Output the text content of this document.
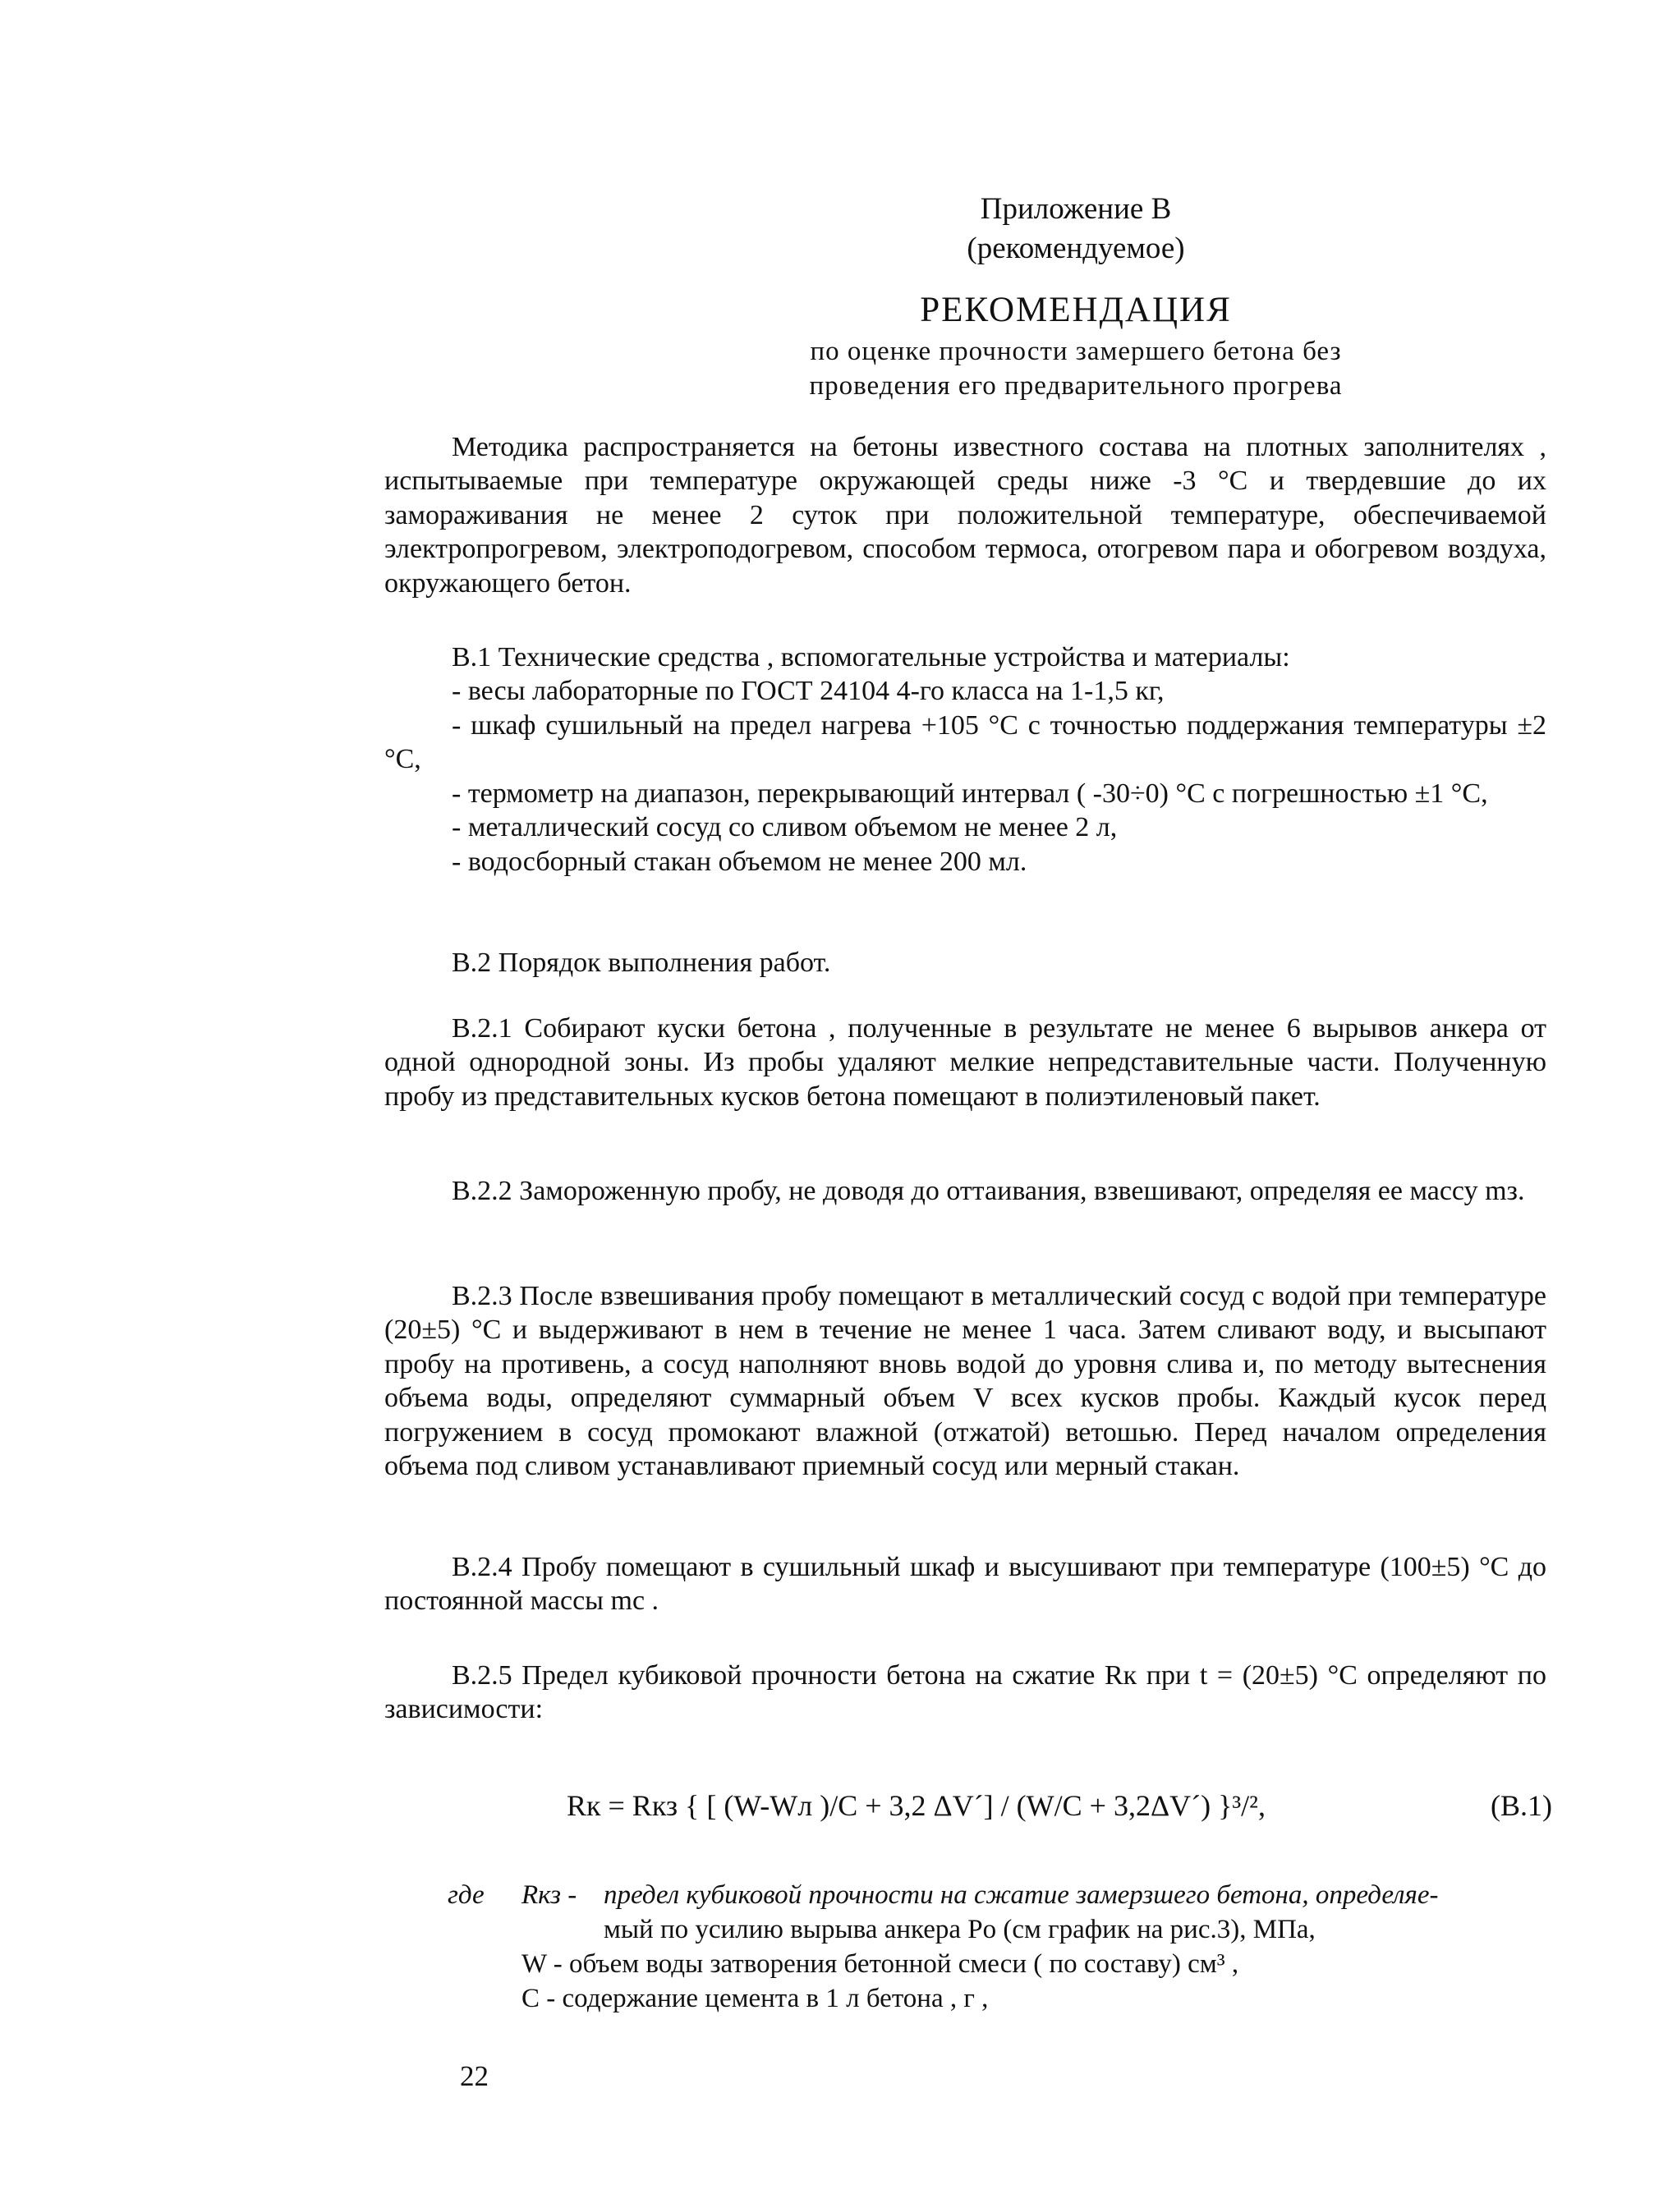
Приложение В
(рекомендуемое)
РЕКОМЕНДАЦИЯ
по оценке прочности замершего бетона без
проведения его предварительного прогрева

Методика распространяется на бетоны известного состава на плотных заполнителях , испытываемые при температуре окружающей среды ниже -3 °С и твердевшие до их замораживания не менее 2 суток при положительной температуре, обеспечиваемой электропрогревом, электроподогревом, способом термоса, отогревом пара и обогревом воздуха, окружающего бетон.

В.1 Технические средства , вспомогательные устройства и материалы:

- весы лабораторные по ГОСТ 24104 4-го класса на 1-1,5 кг,

- шкаф сушильный на предел нагрева +105 °С с точностью поддержания температуры ±2 °С,

- термометр на диапазон, перекрывающий интервал ( -30÷0) °С с погрешностью ±1 °С,

- металлический сосуд со сливом объемом не менее 2 л,

- водосборный стакан объемом не менее 200 мл.

В.2 Порядок выполнения работ.

В.2.1 Собирают куски бетона , полученные в результате не менее 6 вырывов анкера от одной однородной зоны. Из пробы удаляют мелкие непредставительные части. Полученную пробу из представительных кусков бетона помещают в полиэтиленовый пакет.

В.2.2 Замороженную пробу, не доводя до оттаивания, взвешивают, определяя ее массу mз.

В.2.3 После взвешивания пробу помещают в металлический сосуд с водой при температуре (20±5) °С и выдерживают в нем в течение не менее 1 часа. Затем сливают воду, и высыпают пробу на противень, а сосуд наполняют вновь водой до уровня слива и, по методу вытеснения объема воды, определяют суммарный объем V всех кусков пробы. Каждый кусок перед погружением в сосуд промокают влажной (отжатой) ветошью. Перед началом определения объема под сливом устанавливают приемный сосуд или мерный стакан.

В.2.4 Пробу помещают в сушильный шкаф и высушивают при температуре (100±5) °С до постоянной массы mс .

В.2.5 Предел кубиковой прочности бетона на сжатие Rк при t = (20±5) °С определяют по зависимости:

Rк = Rкз { [ (W-Wл )/C + 3,2 ΔV´] / (W/C + 3,2ΔV´) }³/²,	(В.1)
где Rкз - предел кубиковой прочности на сжатие замерзшего бетона, определяе-
мый по усилию вырыва анкера Po (см график на рис.3), МПа,
W - объем воды затворения бетонной смеси ( по составу) см³ ,
С - содержание цемента в 1 л бетона , г ,
22
